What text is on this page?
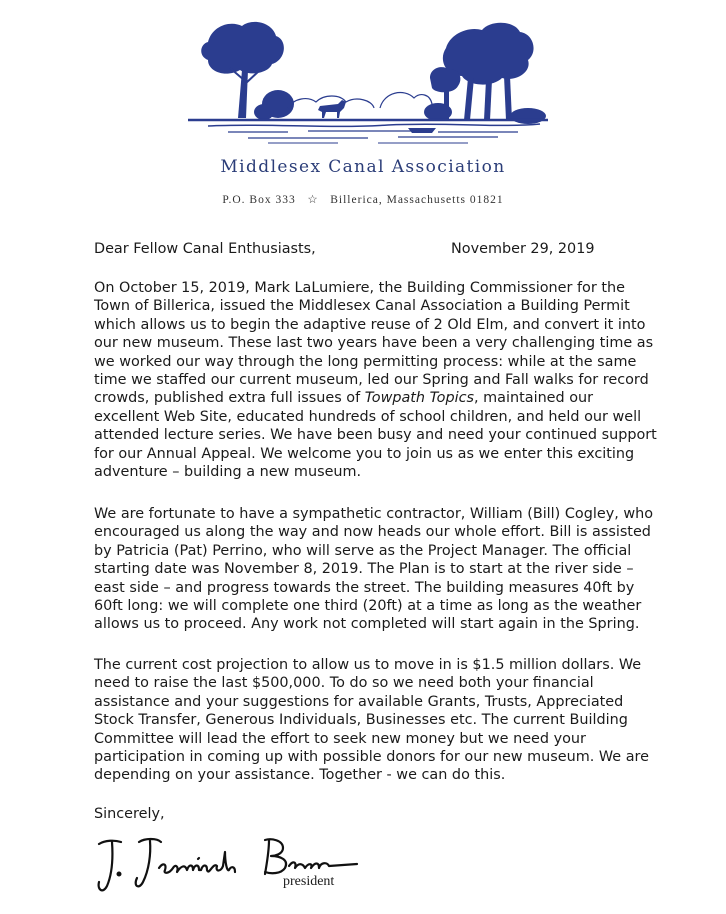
Middlesex Canal Association
P.O. Box 333   ☆   Billerica, Massachusetts 01821
Dear Fellow Canal Enthusiasts,	November 29, 2019

On October 15, 2019, Mark LaLumiere, the Building Commissioner for the
Town of Billerica, issued the Middlesex Canal Association a Building Permit
which allows us to begin the adaptive reuse of 2 Old Elm, and convert it into
our new museum. These last two years have been a very challenging time as
we worked our way through the long permitting process: while at the same
time we staffed our current museum, led our Spring and Fall walks for record
crowds, published extra full issues of Towpath Topics, maintained our
excellent Web Site, educated hundreds of school children, and held our well
attended lecture series. We have been busy and need your continued support
for our Annual Appeal. We welcome you to join us as we enter this exciting
adventure – building a new museum.

We are fortunate to have a sympathetic contractor, William (Bill) Cogley, who
encouraged us along the way and now heads our whole effort. Bill is assisted
by Patricia (Pat) Perrino, who will serve as the Project Manager. The official
starting date was November 8, 2019. The Plan is to start at the river side –
east side – and progress towards the street. The building measures 40ft by
60ft long: we will complete one third (20ft) at a time as long as the weather
allows us to proceed. Any work not completed will start again in the Spring.

The current cost projection to allow us to move in is $1.5 million dollars. We
need to raise the last $500,000. To do so we need both your financial
assistance and your suggestions for available Grants, Trusts, Appreciated
Stock Transfer, Generous Individuals, Businesses etc. The current Building
Committee will lead the effort to seek new money but we need your
participation in coming up with possible donors for our new museum. We are
depending on your assistance. Together - we can do this.

Sincerely,
president
